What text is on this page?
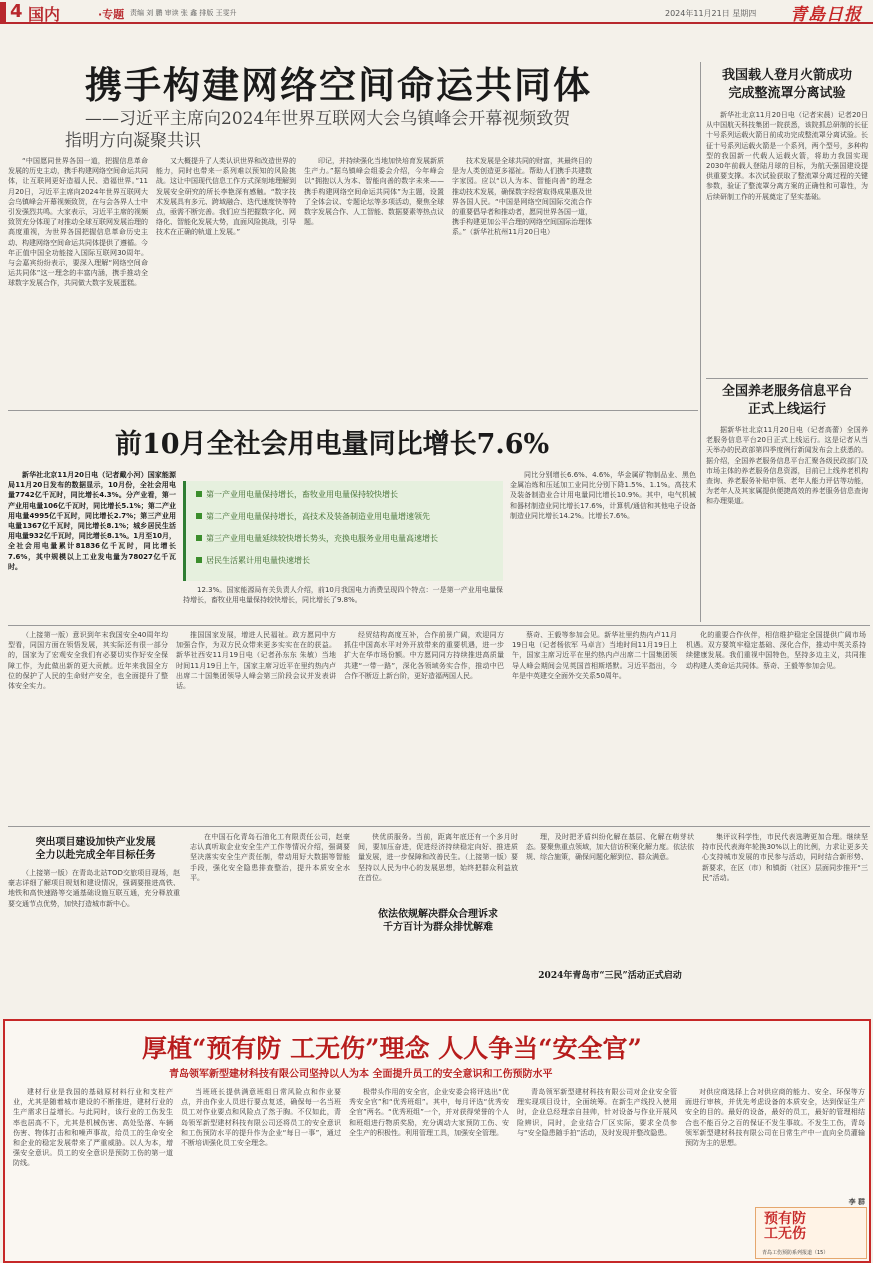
4 国内	·专题 责编 刘 鹏 审读 张 鑫 排版 王雯升	2024年11月21日 星期四 青島日报
携手构建网络空间命运共同体
——习近平主席向2024年世界互联网大会乌镇峰会开幕视频致贺
指明方向凝聚共识

“中国愿同世界各国一道，把握信息革命发展的历史主动，携手构建网络空间命运共同体，让互联网更好造福人民、造福世界。”11月20日，习近平主席向2024年世界互联网大会乌镇峰会开幕视频致贺，在与会各界人士中引发强烈共鸣。大家表示，习近平主席的视频致贺充分体现了对推动全球互联网发展治理的高度重视，为世界各国把握信息革命历史主动、构建网络空间命运共同体提供了遵循。今年正值中国全功能接入国际互联网30周年。与会嘉宾纷纷表示，要深入理解“网络空间命运共同体”这一理念的丰富内涵，携手推动全球数字发展合作，共同做大数字发展蛋糕。

又大概提升了人类认识世界和改造世界的能力，同时也带来一系列难以预知的风险挑战。这让中国现代信息工作方式深刻地理解到发展安全研究的所长李艳深有感触。“数字技术发展具有多元、跨域融合、迭代速度快等特点，亟需不断完善。我们应当把握数字化、网络化、智能化发展大势，直面风险挑战，引导技术在正确的轨道上发展。”

印记，并持续强化当地加快培育发展新质生产力。”据乌镇峰会组委会介绍，今年峰会以“拥抱以人为本、智能向善的数字未来——携手构建网络空间命运共同体”为主题，设置了全体会议、专题论坛等多项活动，聚焦全球数字发展合作、人工智能、数据要素等热点议题。

技术发展是全球共同的财富，其最终目的是为人类创造更多福祉。帮助人们携手共建数字家园。应以“以人为本、智能向善”的理念推动技术发展，确保数字经营取得成果惠及世界各国人民。“中国是网络空间国际交流合作的重要倡导者和推动者，愿同世界各国一道，携手构建更加公平合理的网络空间国际治理体系。”（新华社杭州11月20日电）

我国载人登月火箭成功
完成整流罩分离试验

新华社北京11月20日电（记者宋晨）记者20日从中国航天科技集团一院获悉，该院抓总研制的长征十号系列运载火箭日前成功完成整流罩分离试验。长征十号系列运载火箭是一个系列，两个型号，多种构型的我国新一代载人运载火箭，将助力我国实现2030年前载人登陆月球的目标，为航天强国建设提供重要支撑。本次试验获取了整流罩分离过程的关键参数，验证了整流罩分离方案的正确性和可靠性，为后续研制工作的开展奠定了坚实基础。

全国养老服务信息平台
正式上线运行

据新华社北京11月20日电（记者高蕾）全国养老服务信息平台20日正式上线运行。这是记者从当天举办的民政部第四季度例行新闻发布会上获悉的。据介绍，全国养老服务信息平台汇聚各级民政部门及市场主体的养老服务信息资源，目前已上线养老机构查询、养老服务补贴申领、老年人能力评估等功能，为老年人及其家属提供便捷高效的养老服务信息查询和办理渠道。

前10月全社会用电量同比增长7.6%

新华社北京11月20日电（记者戴小河）国家能源局11月20日发布的数据显示，10月份，全社会用电量7742亿千瓦时，同比增长4.3%。分产业看，第一产业用电量106亿千瓦时，同比增长5.1%；第二产业用电量4995亿千瓦时，同比增长2.7%；第三产业用电量1367亿千瓦时，同比增长8.1%；城乡居民生活用电量932亿千瓦时，同比增长8.1%。1月至10月，全社会用电量累计81836亿千瓦时，同比增长7.6%，其中规模以上工业发电量为78027亿千瓦时。

第一产业用电量保持增长，畜牧业用电量保持较快增长
第二产业用电量保持增长，高技术及装备制造业用电量增速领先
第三产业用电量延续较快增长势头，充换电服务业用电量高速增长
居民生活累计用电量快速增长

12.3%。国家能源局有关负责人介绍，前10月我国电力消费呈现四个特点：一是第一产业用电量保持增长，畜牧业用电量保持较快增长，同比增长了9.8%。

同比分别增长6.6%、4.6%，华金属矿物制品业、黑色金属冶炼和压延加工业同比分别下降1.5%、1.1%。高技术及装备制造业合计用电量同比增长10.9%。其中，电气机械和器材制造业同比增长17.6%，计算机/通信和其他电子设备制造业同比增长14.2%。比增长7.6%。

（上接第一版）意识到年末我国安全40周年均型看，同国方面在领悟发展，其实际还有很一部分的，国家为了宏观安全我们有必要切实作好安全保障工作，为此做出新的更大贡献。近年来我国全方位的保护了人民的生命财产安全，也全面提升了整体安全实力。

推国国家发展，增进人民福祉。政方愿同中方加强合作，为双方民众带来更多实实在在的获益。新华社西安11月19日电（记者孙东东 朱敏）当地时间11月19日上午，国家主席习近平在里约热内卢出席二十国集团领导人峰会第三阶段会议并发表讲话。

经贸结构高度互补，合作前景广阔，欢迎同方抓住中国高水平对外开放带来的重要机遇，进一步扩大在华市场份额。中方愿同同方持续推进高质量共建“一带一路”，深化各领域务实合作，推动中巴合作不断迈上新台阶，更好造福两国人民。

蔡奇、王毅等参加会见。新华社里约热内卢11月19日电（记者杨依军 马卓言）当地时间11月19日上午，国家主席习近平在里约热内卢出席二十国集团领导人峰会期间会见英国首相斯塔默。习近平指出，今年是中英建交全面外交关系50周年。

化的重要合作伙伴，相信维护稳定全国提供广阔市场机遇。双方要筑牢稳定基础、深化合作，推动中英关系持续健康发展。我们重视中国特色，坚持多边主义，共同推动构建人类命运共同体。蔡奇、王毅等参加会见。

突出项目建设加快产业发展
全力以赴完成全年目标任务

（上接第一版）在青岛北站TOD交旅项目现场，赵豪志详细了解项目规划和建设情况，强调要推进高铁、地铁和高快速路等交通基础设施互联互通，充分释放重要交通节点优势，加快打造城市新中心。

在中国石化青岛石油化工有限责任公司，赵豪志认真听取企业安全生产工作等情况介绍，强调要坚决落实安全生产责任制，带动用好大数据等智能手段，强化安全隐患排查整治，提升本质安全水平。

侠优质服务。当前，距离年底还有一个多月时间，要加压奋进，促进经济持续稳定向好、推进质量发展，进一步保障和改善民生。（上接第一版）要坚持以人民为中心的发展思想，始终把群众利益放在首位。

依法依规解决群众合理诉求
千方百计为群众排忧解难

理，及时把矛盾纠纷化解在基层、化解在萌芽状态。要聚焦重点领域，加大信访积案化解力度。依法依规、综合施策，确保问题化解到位、群众满意。

2024年青岛市“三民”活动正式启动

集评议科学性，市民代表选聘更加合理。继续坚持市民代表海年轮换30%以上的比例，力求让更多关心支持城市发展的市民参与活动，同时结合新形势、新要求，在区（市）和镇街（社区）层面同步推开“三民”活动。

厚植“预有防 工无伤”理念 人人争当“安全官”
青岛领军新型建材科技有限公司坚持以人为本 全面提升员工的安全意识和工伤预防水平

建材行业是我国的基础原材料行业和支柱产业，尤其是随着城市建设的不断推进，建材行业的生产需求日益增长。与此同时，该行业的工伤发生率也居高不下，尤其是机械伤害、高处坠落、车辆伤害、物体打击和和噪声事故，给员工的生命安全和企业的稳定发展带来了严重威胁。以人为本，增强安全意识。员工的安全意识是预防工伤的第一道防线。

当班班长提供满意班组日常风险点和作业要点，并由作业人员进行要点复述，确保每一名当班员工对作业要点和风险点了然于胸。不仅如此，青岛领军新型建材科技有限公司还将员工的安全意识和工伤预防水平的提升作为企业“每日一事”，通过不断培训强化员工安全理念。

极带头作用的安全官，企业安委会将评选出“优秀安全官”和“优秀班组”。其中，每月评选“优秀安全官”两名。“优秀班组”一个，并对获得荣誉的个人和班组进行物质奖励，充分调动大家预防工伤、安全生产的积极性。利用管理工具，加强安全管理。

青岛领军新型建材科技有限公司对企业安全管理实现项目设计，全面统筹。在新生产线投入使用时，企业总经理亲自挂帅，针对设备与作业开展风险辨识，同时，企业结合厂区实际，要求全员参与“安全隐患随手拍”活动，及时发现并整改隐患。

对供应商选择上合对供应商的能力、安全、环保等方面进行审核，并优先考虑设备的本质安全，达到保证生产安全的目的。最好的设备，最好的员工，最好的管理相结合也不能百分之百的保证不发生事故。不发生工伤，青岛领军新型建材科技有限公司在日常生产中一直向全员灌输预防为主的思想。

李 群
预有防
工无伤
青岛工伤预防系列报道（15）
